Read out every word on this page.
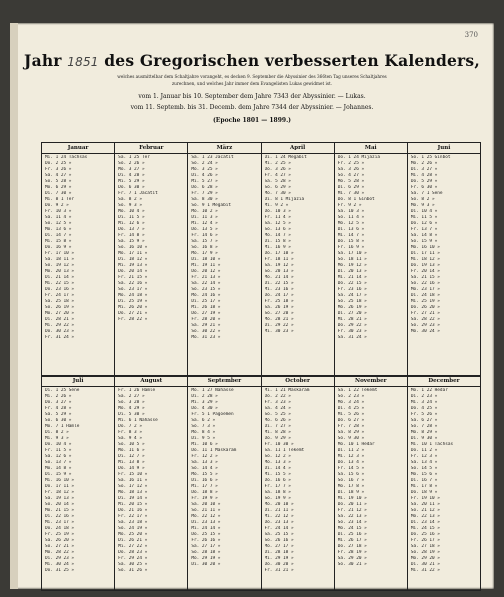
370
Jahr 1851 des Gregorischen verbesserten Kalenders,
welches ausmittelbar dem Schaltjahre vorangeht, es decken 9. September die Abyssinier des 366ten Tag unseres Schaltjahres
zurechnen, und welches Jahr immer dem Evangelisten Lukas gewidmet ist.
vom 1. Januar bis 10. September dem Jahre 7343 der Abyssinier. — Lukas.
vom 11. Septemb. bis 31. Decemb. dem Jahre 7344 der Abyssinier. — Johannes.
(Epoche 1801 — 1899.)
Januar
Mi. 1 24 Tachsas
Do. 2 25 »
Fr. 3 26 »
Sa. 4 27 »
So. 5 28 »
Mo. 6 29 »
Di. 7 30 »
Mi. 8 1 Ter
Do. 9 2 »
Fr. 10 3 »
Sa. 11 4 »
So. 12 5 »
Mo. 13 6 »
Di. 14 7 »
Mi. 15 8 »
Do. 16 9 »
Fr. 17 10 »
Sa. 18 11 »
So. 19 12 »
Mo. 20 13 »
Di. 21 14 »
Mi. 22 15 »
Do. 23 16 »
Fr. 24 17 »
Sa. 25 18 »
So. 26 19 »
Mo. 27 20 »
Di. 28 21 »
Mi. 29 22 »
Do. 30 23 »
Fr. 31 24 »
Februar
Sa. 1 25 Ter
So. 2 26 »
Mo. 3 27 »
Di. 4 28 »
Mi. 5 29 »
Do. 6 30 »
Fr. 7 1 Jacatit
Sa. 8 2 »
So. 9 3 »
Mo. 10 4 »
Di. 11 5 »
Mi. 12 6 »
Do. 13 7 »
Fr. 14 8 »
Sa. 15 9 »
So. 16 10 »
Mo. 17 11 »
Di. 18 12 »
Mi. 19 13 »
Do. 20 14 »
Fr. 21 15 »
Sa. 22 16 »
So. 23 17 »
Mo. 24 18 »
Di. 25 19 »
Mi. 26 20 »
Do. 27 21 »
Fr. 28 22 »
März
Sa. 1 23 Jacatit
So. 2 24 »
Mo. 3 25 »
Di. 4 26 »
Mi. 5 27 »
Do. 6 28 »
Fr. 7 29 »
Sa. 8 30 »
So. 9 1 Megabit
Mo. 10 2 »
Di. 11 3 »
Mi. 12 4 »
Do. 13 5 »
Fr. 14 6 »
Sa. 15 7 »
So. 16 8 »
Mo. 17 9 »
Di. 18 10 »
Mi. 19 11 »
Do. 20 12 »
Fr. 21 13 »
Sa. 22 14 »
So. 23 15 »
Mo. 24 16 »
Di. 25 17 »
Mi. 26 18 »
Do. 27 19 »
Fr. 28 20 »
Sa. 29 21 »
So. 30 22 »
Mo. 31 23 »
April
Di. 1 24 Megabit
Mi. 2 25 »
Do. 3 26 »
Fr. 4 27 »
Sa. 5 28 »
So. 6 29 »
Mo. 7 30 »
Di. 8 1 Mijazia
Mi. 9 2 »
Do. 10 3 »
Fr. 11 4 »
Sa. 12 5 »
So. 13 6 »
Mo. 14 7 »
Di. 15 8 »
Mi. 16 9 »
Do. 17 10 »
Fr. 18 11 »
Sa. 19 12 »
So. 20 13 »
Mo. 21 14 »
Di. 22 15 »
Mi. 23 16 »
Do. 24 17 »
Fr. 25 18 »
Sa. 26 19 »
So. 27 20 »
Mo. 28 21 »
Di. 29 22 »
Mi. 30 23 »
Mai
Do. 1 24 Mijazia
Fr. 2 25 »
Sa. 3 26 »
So. 4 27 »
Mo. 5 28 »
Di. 6 29 »
Mi. 7 30 »
Do. 8 1 Ginbot
Fr. 9 2 »
Sa. 10 3 »
So. 11 4 »
Mo. 12 5 »
Di. 13 6 »
Mi. 14 7 »
Do. 15 8 »
Fr. 16 9 »
Sa. 17 10 »
So. 18 11 »
Mo. 19 12 »
Di. 20 13 »
Mi. 21 14 »
Do. 22 15 »
Fr. 23 16 »
Sa. 24 17 »
So. 25 18 »
Mo. 26 19 »
Di. 27 20 »
Mi. 28 21 »
Do. 29 22 »
Fr. 30 23 »
Sa. 31 24 »
Juni
So. 1 25 Ginbot
Mo. 2 26 »
Di. 3 27 »
Mi. 4 28 »
Do. 5 29 »
Fr. 6 30 »
Sa. 7 1 Sene
So. 8 2 »
Mo. 9 3 »
Di. 10 4 »
Mi. 11 5 »
Do. 12 6 »
Fr. 13 7 »
Sa. 14 8 »
So. 15 9 »
Mo. 16 10 »
Di. 17 11 »
Mi. 18 12 »
Do. 19 13 »
Fr. 20 14 »
Sa. 21 15 »
So. 22 16 »
Mo. 23 17 »
Di. 24 18 »
Mi. 25 19 »
Do. 26 20 »
Fr. 27 21 »
Sa. 28 22 »
So. 29 23 »
Mo. 30 24 »
Juli
Di. 1 25 Sene
Mi. 2 26 »
Do. 3 27 »
Fr. 4 28 »
Sa. 5 29 »
So. 6 30 »
Mo. 7 1 Hamle
Di. 8 2 »
Mi. 9 3 »
Do. 10 4 »
Fr. 11 5 »
Sa. 12 6 »
So. 13 7 »
Mo. 14 8 »
Di. 15 9 »
Mi. 16 10 »
Do. 17 11 »
Fr. 18 12 »
Sa. 19 13 »
So. 20 14 »
Mo. 21 15 »
Di. 22 16 »
Mi. 23 17 »
Do. 24 18 »
Fr. 25 19 »
Sa. 26 20 »
So. 27 21 »
Mo. 28 22 »
Di. 29 23 »
Mi. 30 24 »
Do. 31 25 »
August
Fr. 1 26 Hamle
Sa. 2 27 »
So. 3 28 »
Mo. 4 29 »
Di. 5 30 »
Mi. 6 1 Nahasse
Do. 7 2 »
Fr. 8 3 »
Sa. 9 4 »
So. 10 5 »
Mo. 11 6 »
Di. 12 7 »
Mi. 13 8 »
Do. 14 9 »
Fr. 15 10 »
Sa. 16 11 »
So. 17 12 »
Mo. 18 13 »
Di. 19 14 »
Mi. 20 15 »
Do. 21 16 »
Fr. 22 17 »
Sa. 23 18 »
So. 24 19 »
Mo. 25 20 »
Di. 26 21 »
Mi. 27 22 »
Do. 28 23 »
Fr. 29 24 »
Sa. 30 25 »
So. 31 26 »
September
Mo. 1 27 Nahasse
Di. 2 28 »
Mi. 3 29 »
Do. 4 30 »
Fr. 5 1 Pagoemen
Sa. 6 2 »
So. 7 3 »
Mo. 8 4 »
Di. 9 5 »
Mi. 10 6 »
Do. 11 1 Maskaram
Fr. 12 2 »
Sa. 13 3 »
So. 14 4 »
Mo. 15 5 »
Di. 16 6 »
Mi. 17 7 »
Do. 18 8 »
Fr. 19 9 »
Sa. 20 10 »
So. 21 11 »
Mo. 22 12 »
Di. 23 13 »
Mi. 24 14 »
Do. 25 15 »
Fr. 26 16 »
Sa. 27 17 »
So. 28 18 »
Mo. 29 19 »
Di. 30 20 »
October
Mi. 1 21 Maskaram
Do. 2 22 »
Fr. 3 23 »
Sa. 4 24 »
So. 5 25 »
Mo. 6 26 »
Di. 7 27 »
Mi. 8 28 »
Do. 9 29 »
Fr. 10 30 »
Sa. 11 1 Tekemt
So. 12 2 »
Mo. 13 3 »
Di. 14 4 »
Mi. 15 5 »
Do. 16 6 »
Fr. 17 7 »
Sa. 18 8 »
So. 19 9 »
Mo. 20 10 »
Di. 21 11 »
Mi. 22 12 »
Do. 23 13 »
Fr. 24 14 »
Sa. 25 15 »
So. 26 16 »
Mo. 27 17 »
Di. 28 18 »
Mi. 29 19 »
Do. 30 20 »
Fr. 31 21 »
November
Sa. 1 22 Tekemt
So. 2 23 »
Mo. 3 24 »
Di. 4 25 »
Mi. 5 26 »
Do. 6 27 »
Fr. 7 28 »
Sa. 8 29 »
So. 9 30 »
Mo. 10 1 Hedar
Di. 11 2 »
Mi. 12 3 »
Do. 13 4 »
Fr. 14 5 »
Sa. 15 6 »
So. 16 7 »
Mo. 17 8 »
Di. 18 9 »
Mi. 19 10 »
Do. 20 11 »
Fr. 21 12 »
Sa. 22 13 »
So. 23 14 »
Mo. 24 15 »
Di. 25 16 »
Mi. 26 17 »
Do. 27 18 »
Fr. 28 19 »
Sa. 29 20 »
So. 30 21 »
December
Mo. 1 22 Hedar
Di. 2 23 »
Mi. 3 24 »
Do. 4 25 »
Fr. 5 26 »
Sa. 6 27 »
So. 7 28 »
Mo. 8 29 »
Di. 9 30 »
Mi. 10 1 Tachsas
Do. 11 2 »
Fr. 12 3 »
Sa. 13 4 »
So. 14 5 »
Mo. 15 6 »
Di. 16 7 »
Mi. 17 8 »
Do. 18 9 »
Fr. 19 10 »
Sa. 20 11 »
So. 21 12 »
Mo. 22 13 »
Di. 23 14 »
Mi. 24 15 »
Do. 25 16 »
Fr. 26 17 »
Sa. 27 18 »
So. 28 19 »
Mo. 29 20 »
Di. 30 21 »
Mi. 31 22 »
